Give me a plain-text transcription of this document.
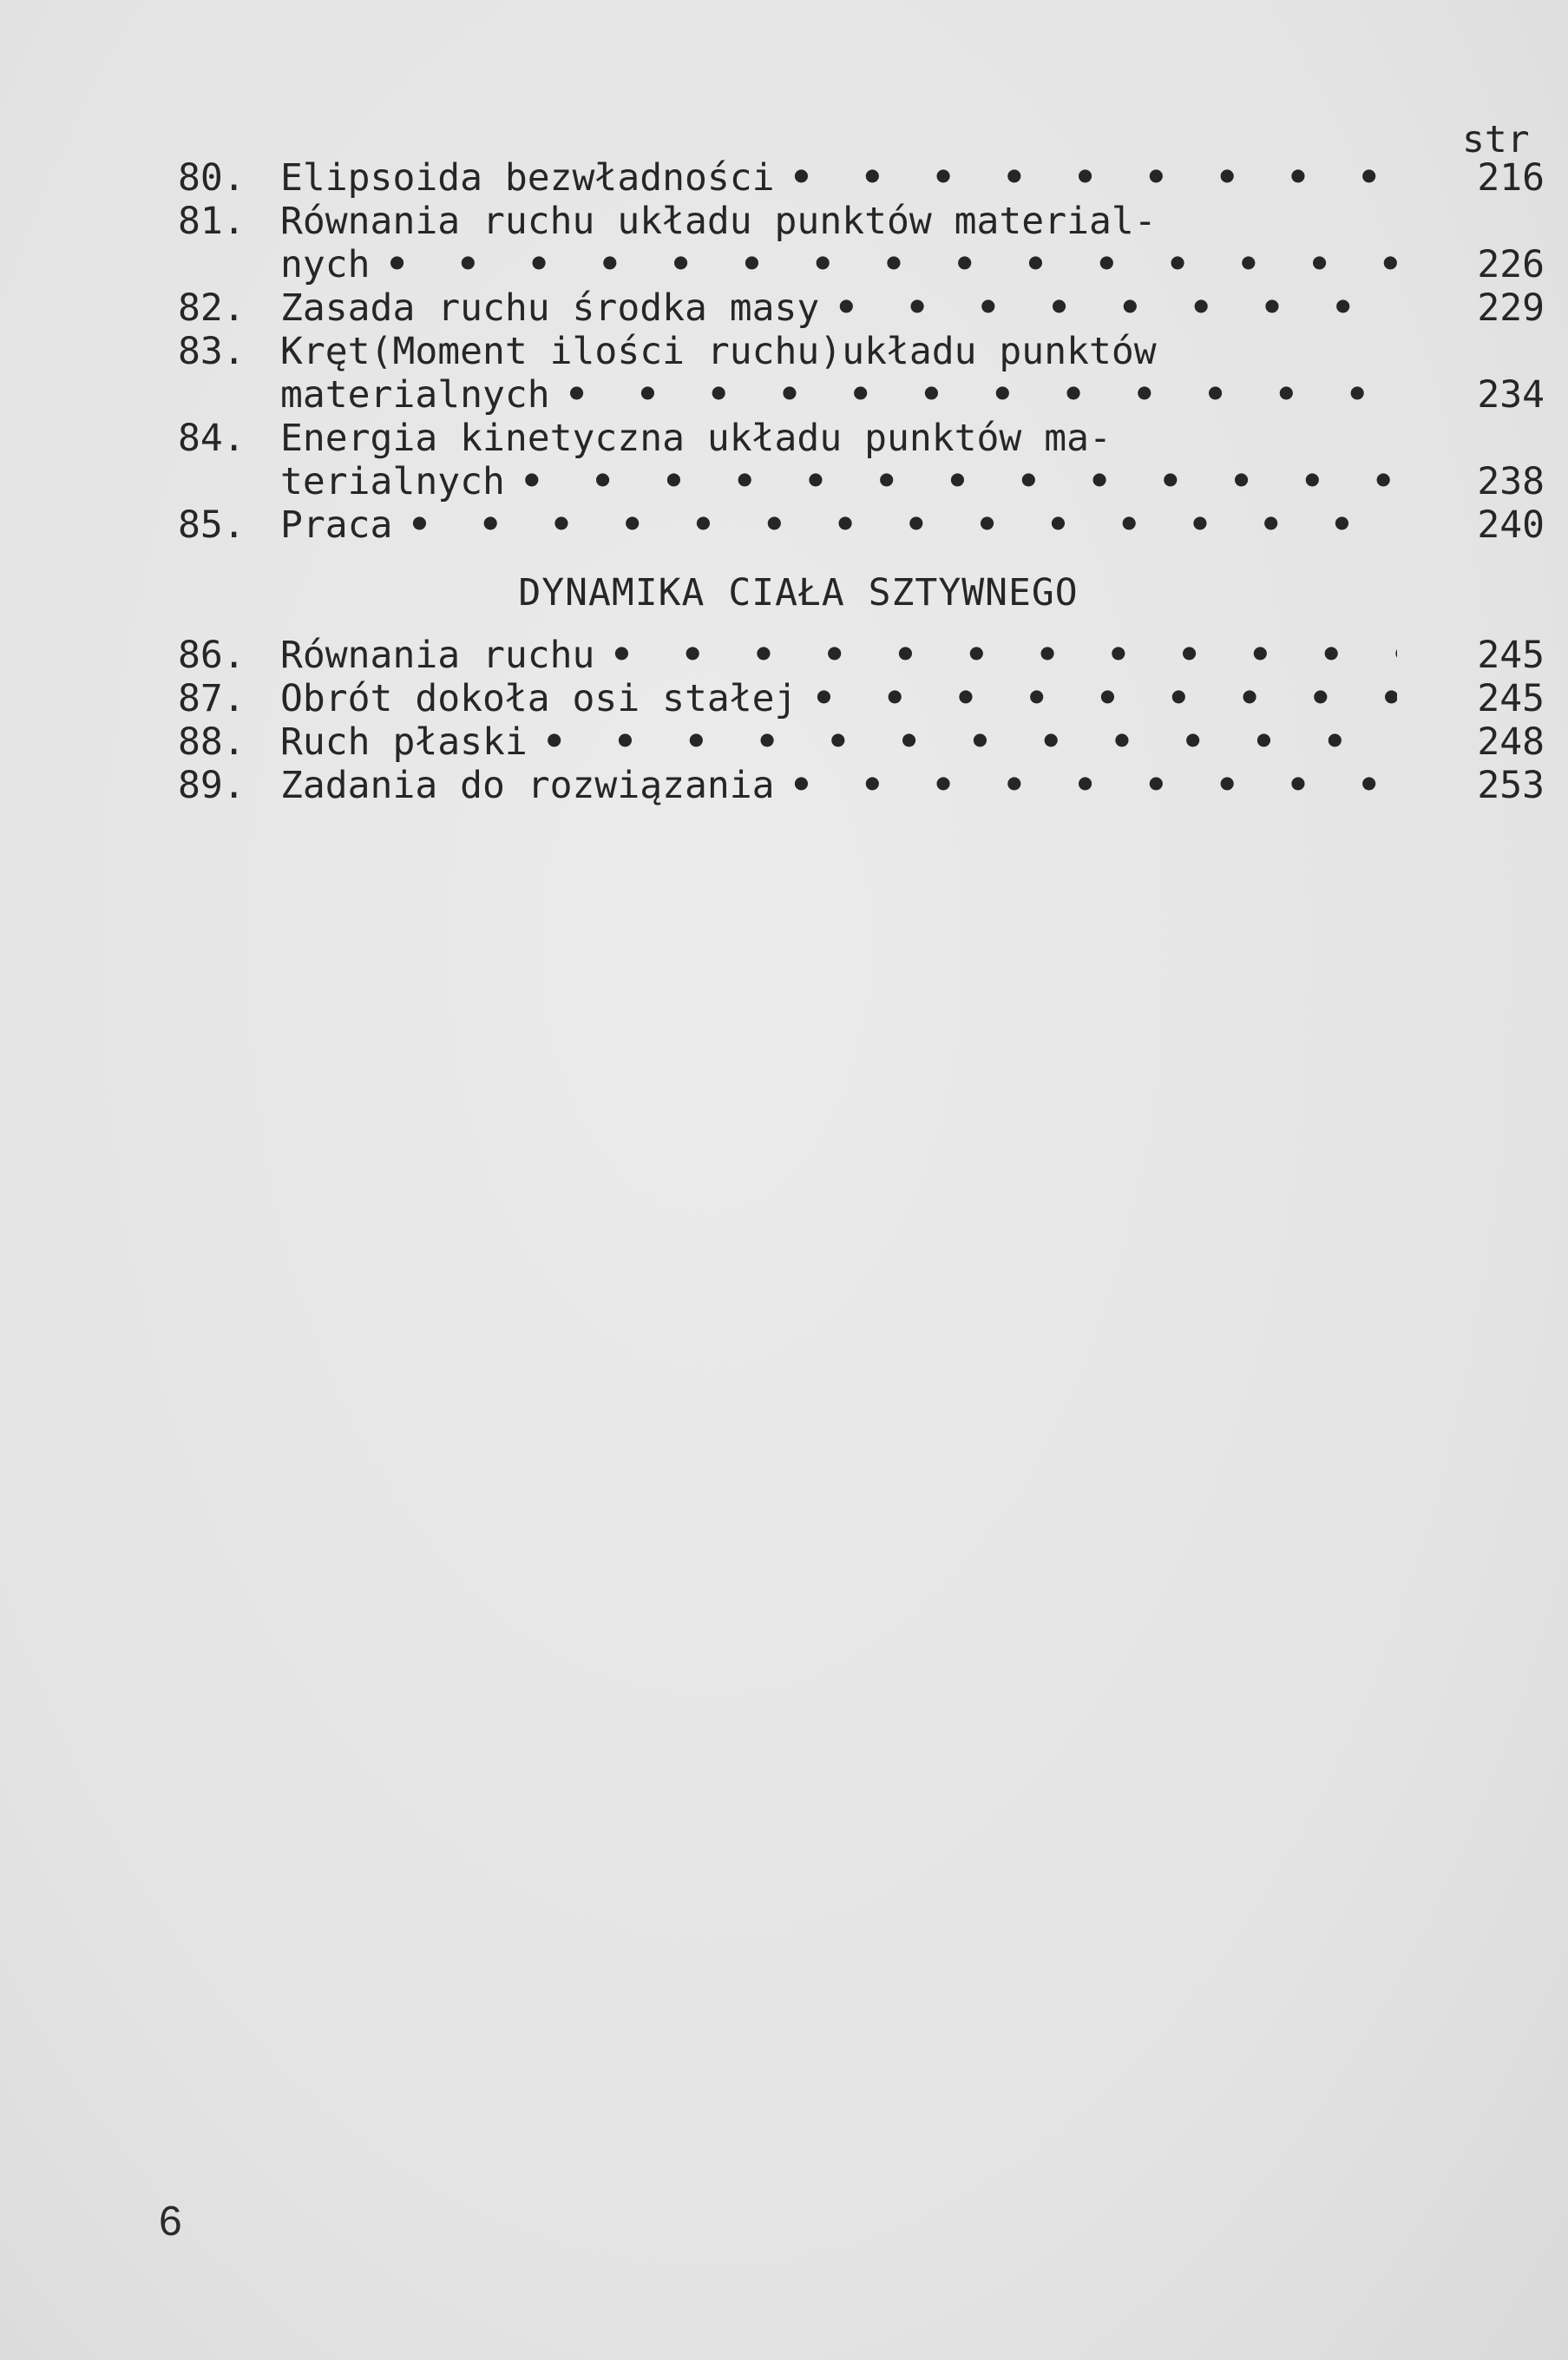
str
80. Elipsoida bezwładności • • •	216
81. Równania ruchu układu punktów material-
nych • • •	226
82. Zasada ruchu środka masy • • •	229
83. Kręt(Moment ilości ruchu)układu punktów
materialnych • • •	234
84. Energia kinetyczna układu punktów ma-
terialnych • • •	238
85. Praca • • •	240
DYNAMIKA CIAŁA SZTYWNEGO
86. Równania ruchu • • •	245
87. Obrót dokoła osi stałej • • •	245
88. Ruch płaski • • •	248
89. Zadania do rozwiązania • • •	253
6
